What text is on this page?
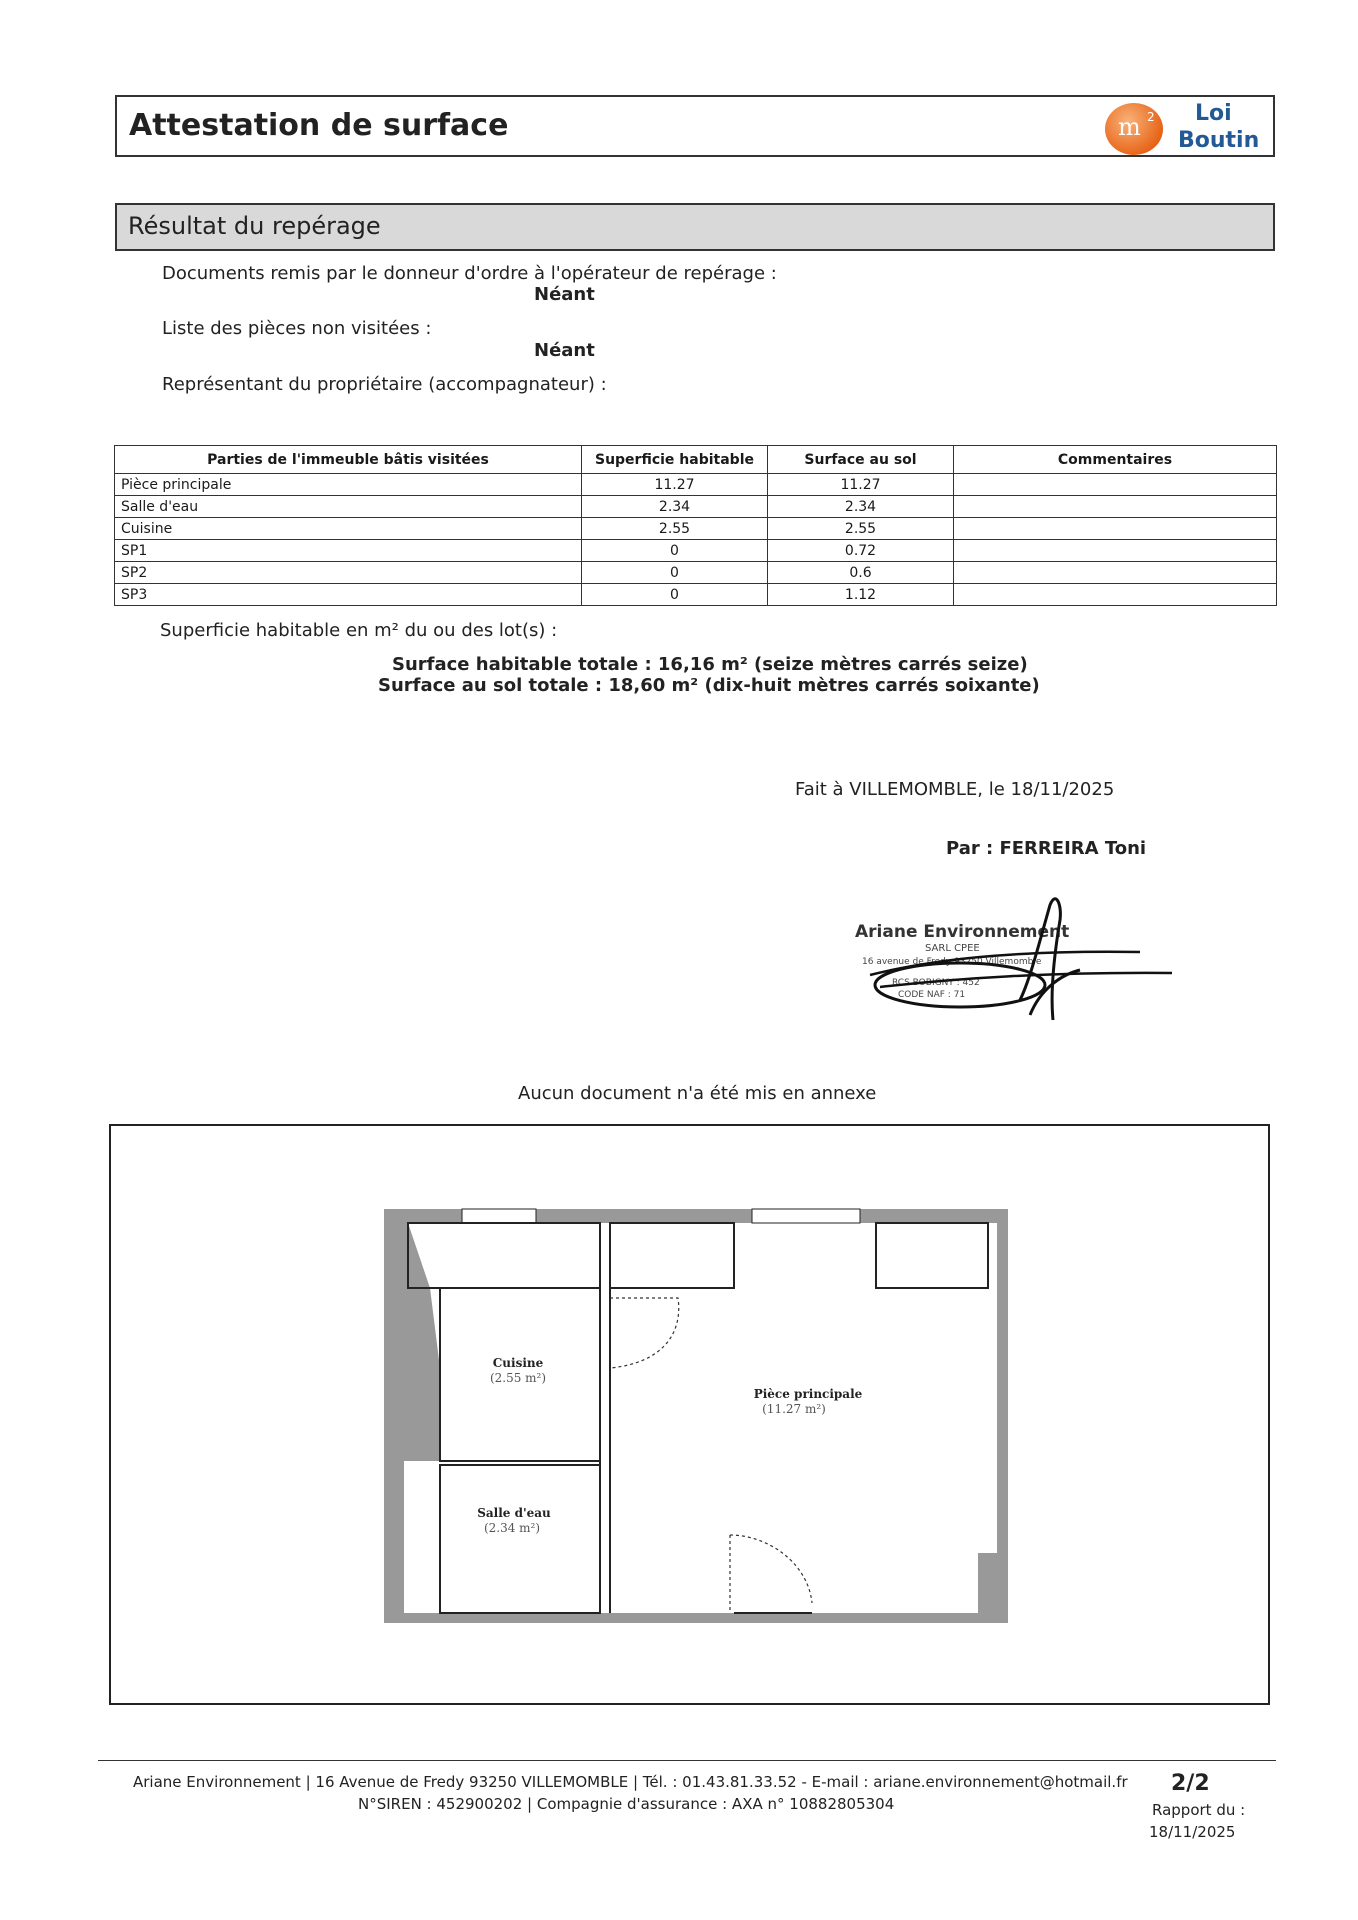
Attestation de surface	m 2 Loi
Boutin
Résultat du repérage
Documents remis par le donneur d'ordre à l'opérateur de repérage :
Néant
Liste des pièces non visitées :
Néant
Représentant du propriétaire (accompagnateur) :
Parties de l'immeuble bâtis visitées	Superficie habitable	Surface au sol	Commentaires
Pièce principale	11.27	11.27	
Salle d'eau	2.34	2.34	
Cuisine	2.55	2.55	
SP1	0	0.72	
SP2	0	0.6	
SP3	0	1.12	
Superficie habitable en m² du ou des lot(s) :
Surface habitable totale : 16,16 m² (seize mètres carrés seize)
Surface au sol totale : 18,60 m² (dix-huit mètres carrés soixante)
Fait à VILLEMOMBLE, le 18/11/2025
Par : FERREIRA Toni
Ariane Environnement
SARL CPEE
16 avenue de Fredy 93250 Villemomble
RCS BOBIGNY : 452
CODE NAF : 71
Aucun document n'a été mis en annexe
Cuisine
(2.55 m²)
Pièce principale
(11.27 m²)
Salle d'eau
(2.34 m²)
Ariane Environnement | 16 Avenue de Fredy 93250 VILLEMOMBLE | Tél. : 01.43.81.33.52 - E-mail : ariane.environnement@hotmail.fr
N°SIREN : 452900202 | Compagnie d'assurance : AXA n° 10882805304
2/2
Rapport du :
18/11/2025
